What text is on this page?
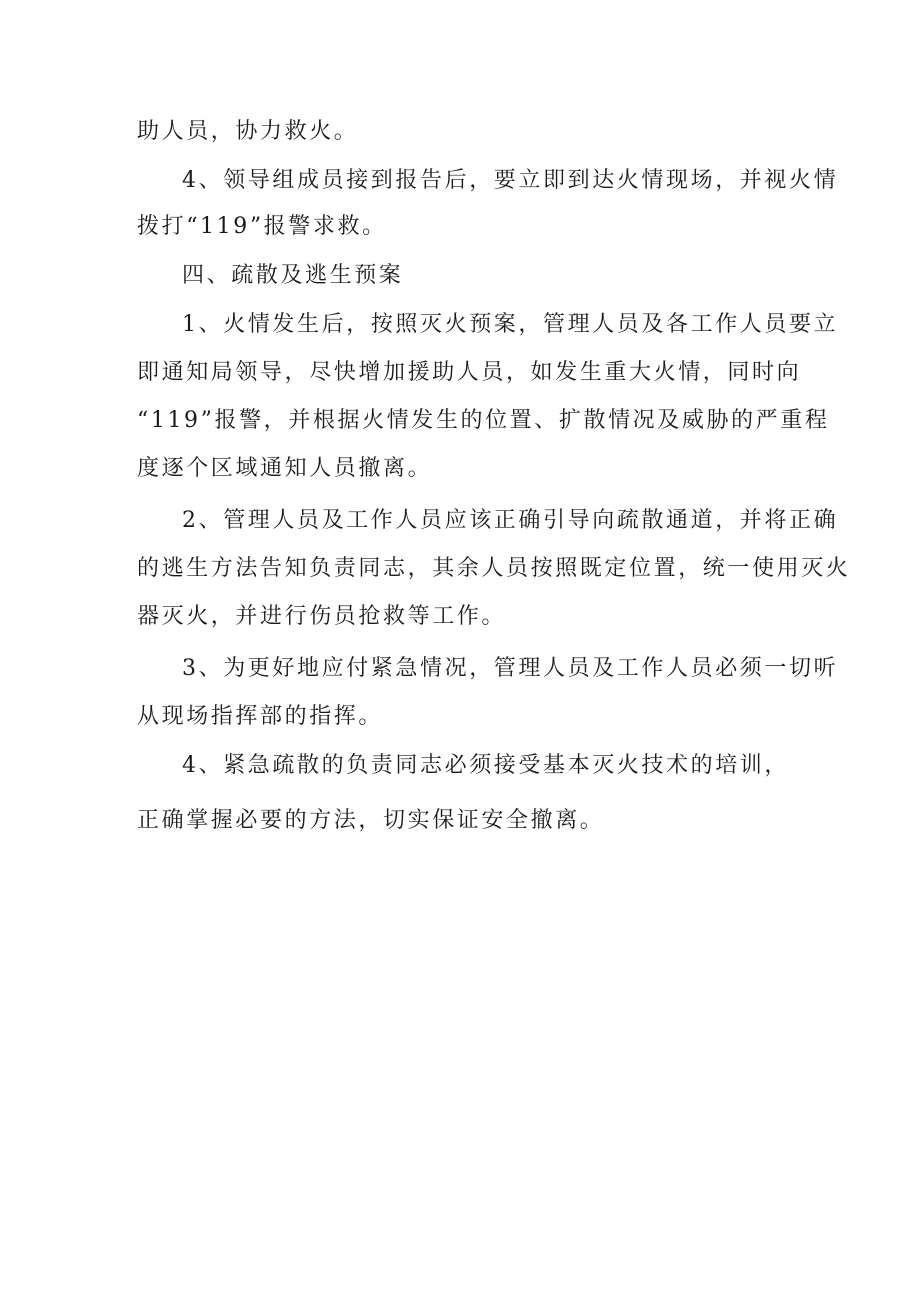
助人员，协力救火。
4、领导组成员接到报告后，要立即到达火情现场，并视火情
拨打“119”报警求救。
四、疏散及逃生预案
1、火情发生后，按照灭火预案，管理人员及各工作人员要立
即通知局领导，尽快增加援助人员，如发生重大火情，同时向
“119”报警，并根据火情发生的位置、扩散情况及威胁的严重程
度逐个区域通知人员撤离。
2、管理人员及工作人员应该正确引导向疏散通道，并将正确
的逃生方法告知负责同志，其余人员按照既定位置，统一使用灭火
器灭火，并进行伤员抢救等工作。
3、为更好地应付紧急情况，管理人员及工作人员必须一切听
从现场指挥部的指挥。
4、紧急疏散的负责同志必须接受基本灭火技术的培训，
正确掌握必要的方法，切实保证安全撤离。
